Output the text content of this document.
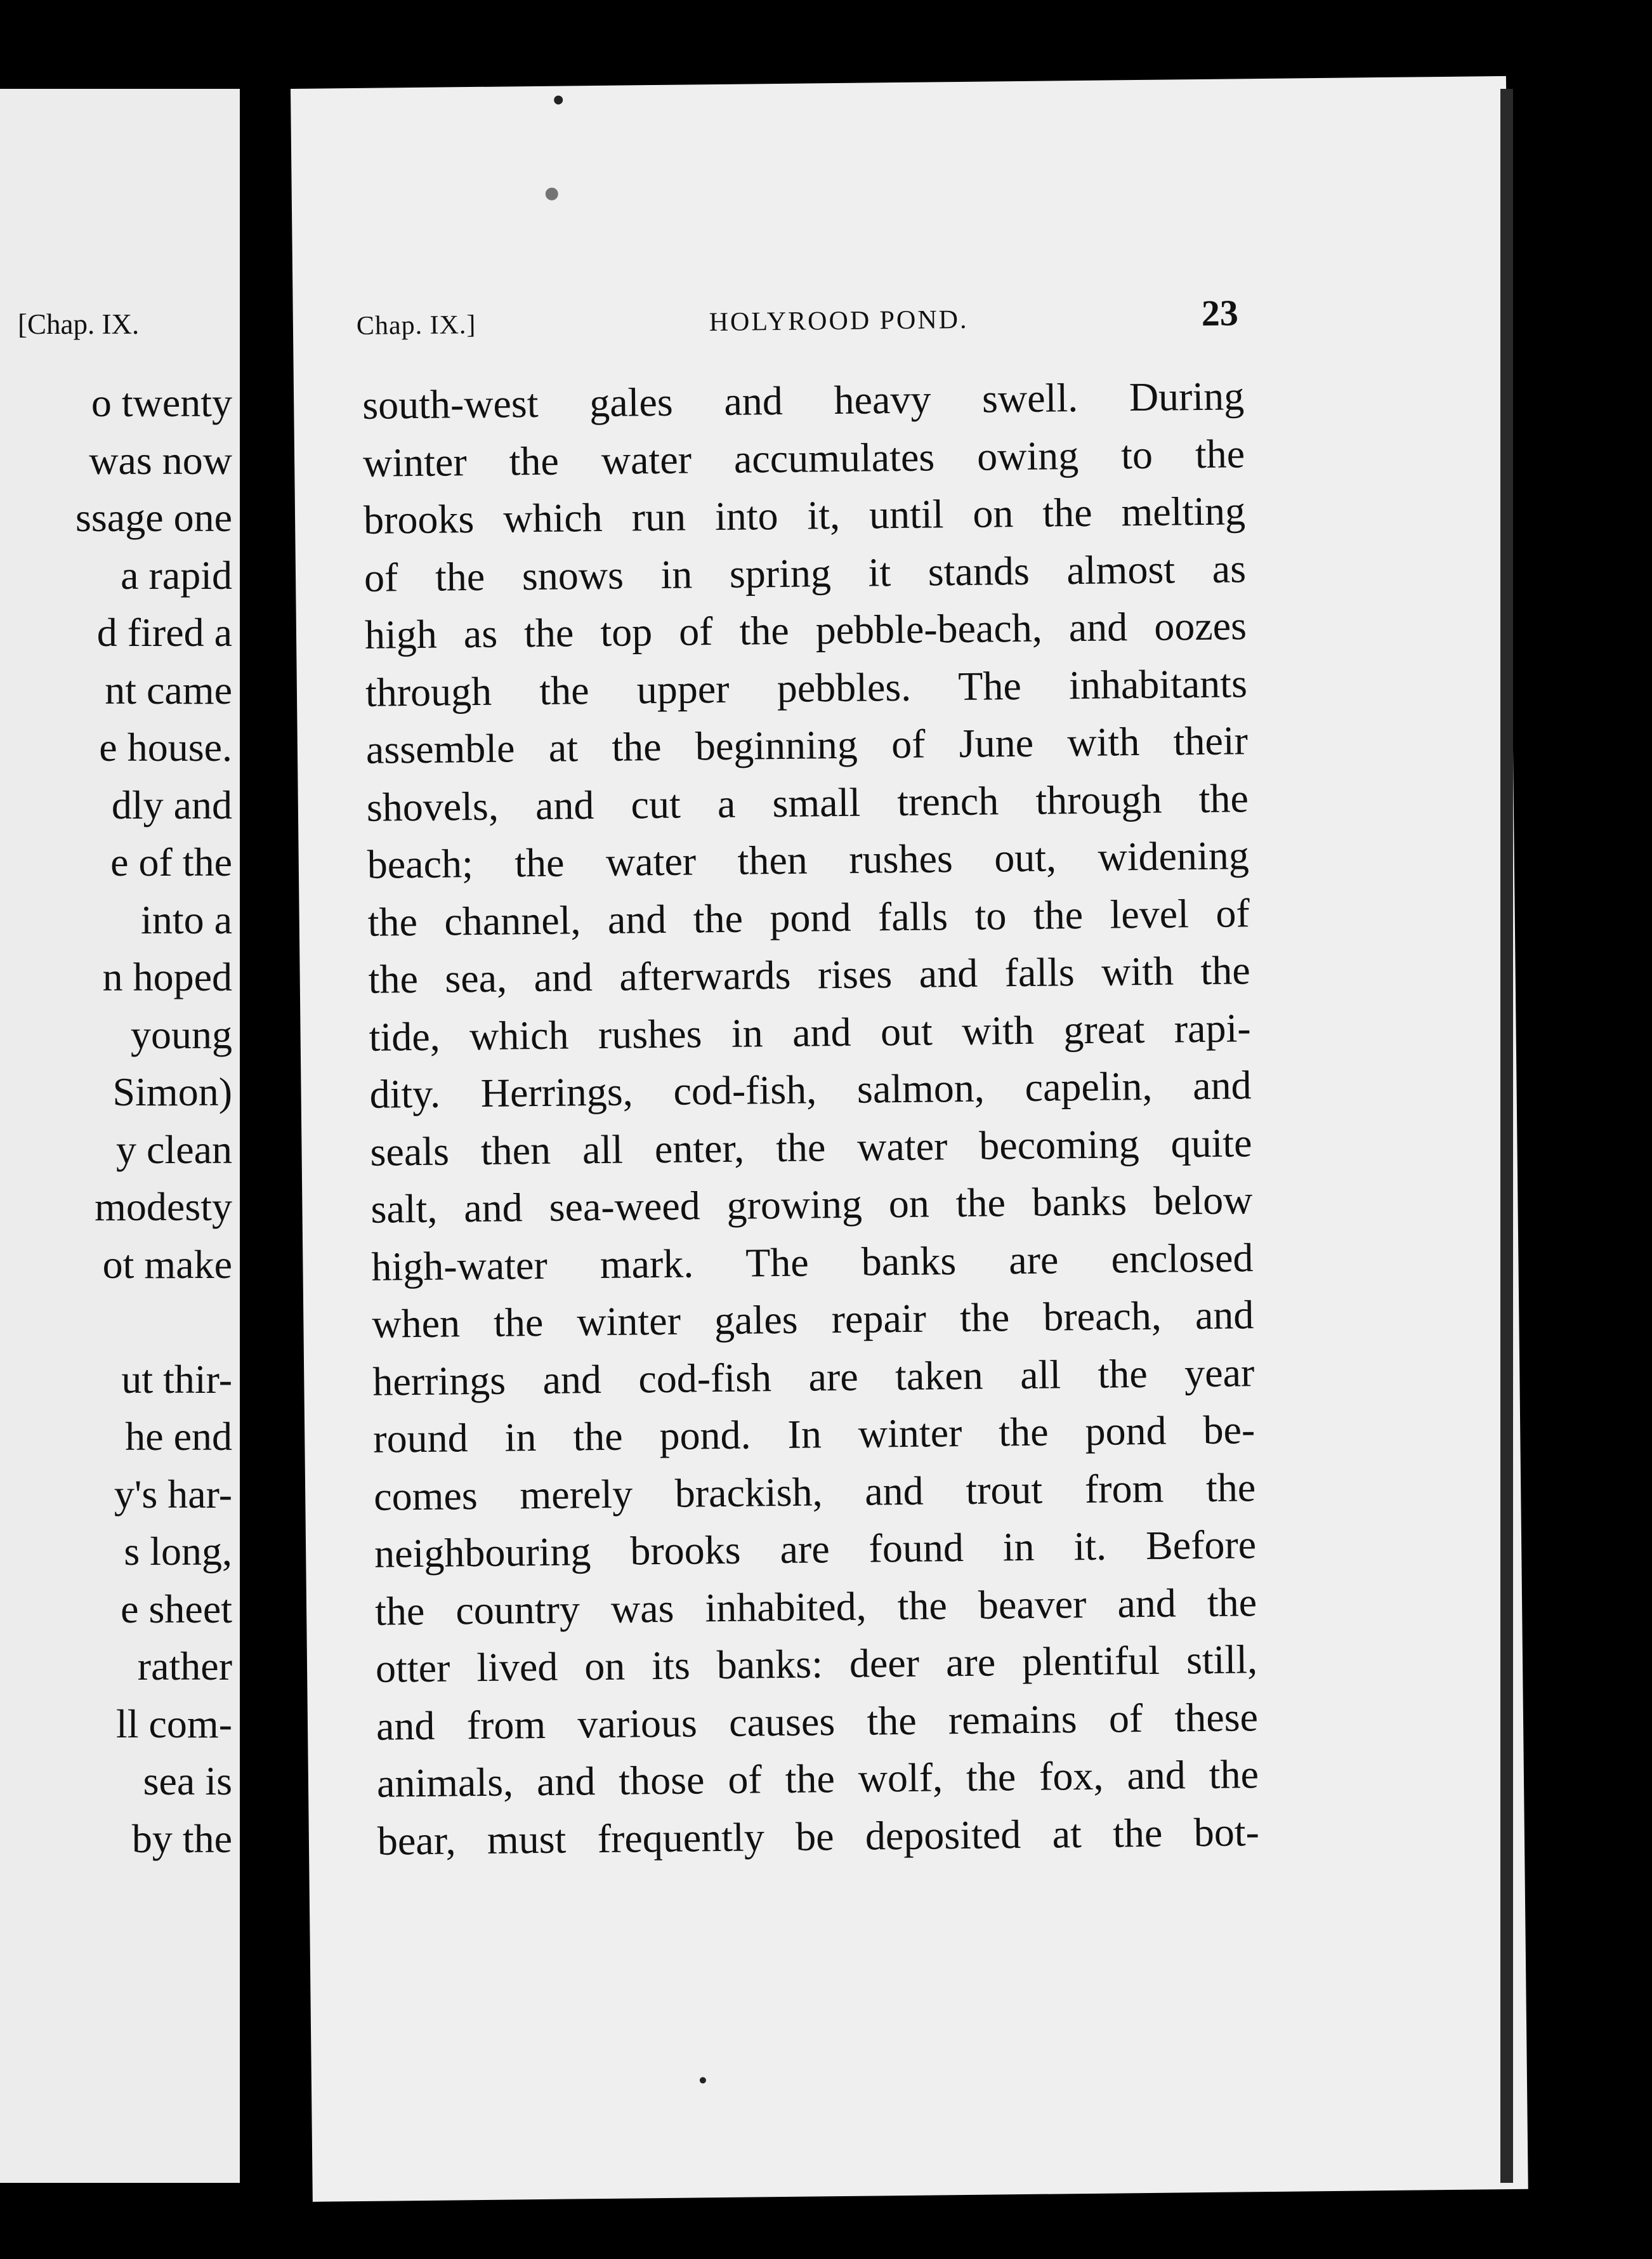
[Chap. IX.
o twenty
was now
ssage one
a rapid
d fired a
nt came
e house.
dly and
e of the
into a
n hoped
young
Simon)
y clean
modesty
ot make
ut thir-
he end
y's har-
s long,
e sheet
rather
ll com-
sea is
by the
Chap. IX.]	HOLYROOD POND.	23
south-west gales and heavy swell. During
winter the water accumulates owing to the
brooks which run into it, until on the melting
of the snows in spring it stands almost as
high as the top of the pebble-beach, and oozes
through the upper pebbles. The inhabitants
assemble at the beginning of June with their
shovels, and cut a small trench through the
beach; the water then rushes out, widening
the channel, and the pond falls to the level of
the sea, and afterwards rises and falls with the
tide, which rushes in and out with great rapi-
dity. Herrings, cod-fish, salmon, capelin, and
seals then all enter, the water becoming quite
salt, and sea-weed growing on the banks below
high-water mark. The banks are enclosed
when the winter gales repair the breach, and
herrings and cod-fish are taken all the year
round in the pond. In winter the pond be-
comes merely brackish, and trout from the
neighbouring brooks are found in it. Before
the country was inhabited, the beaver and the
otter lived on its banks: deer are plentiful still,
and from various causes the remains of these
animals, and those of the wolf, the fox, and the
bear, must frequently be deposited at the bot-
